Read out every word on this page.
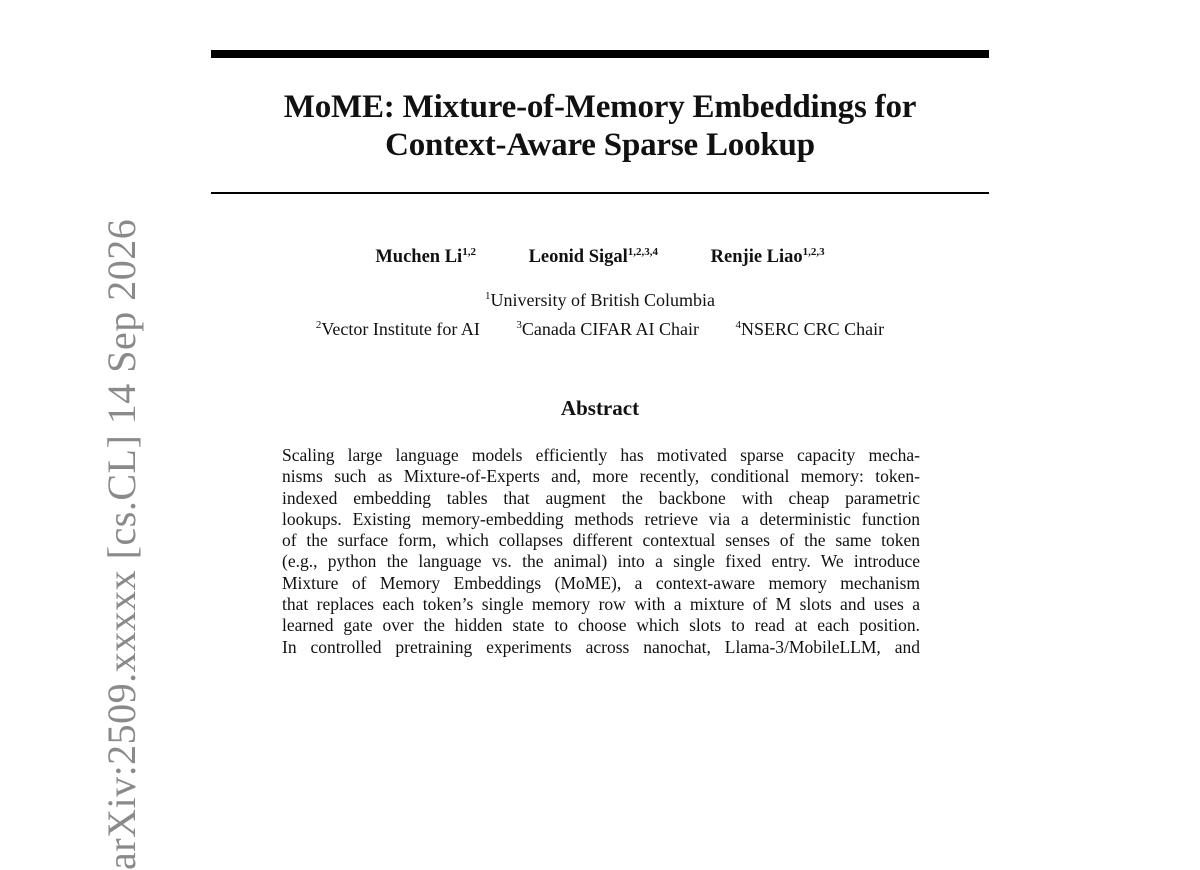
MoME: Mixture-of-Memory Embeddings for
Context-Aware Sparse Lookup
Muchen Li$^{1,2}$	Leonid Sigal$^{1,2,3,4}$	Renjie Liao$^{1,2,3}$
$^1$University of British Columbia
$^2$Vector Institute for AI	$^3$Canada CIFAR AI Chair	$^4$NSERC CRC Chair
Abstract
Scaling large language models efficiently has motivated sparse capacity mecha-
nisms such as Mixture-of-Experts and, more recently, conditional memory: token-
indexed embedding tables that augment the backbone with cheap parametric
lookups. Existing memory-embedding methods retrieve via a deterministic function
of the surface form, which collapses different contextual senses of the same token
(e.g., python the language vs. the animal) into a single fixed entry. We introduce
Mixture of Memory Embeddings (MoME), a context-aware memory mechanism
that replaces each token’s single memory row with a mixture of M slots and uses a
learned gate over the hidden state to choose which slots to read at each position.
In controlled pretraining experiments across nanochat, Llama-3/MobileLLM, and
arXiv:2509.xxxxx [cs.CL] 14 Sep 2026
